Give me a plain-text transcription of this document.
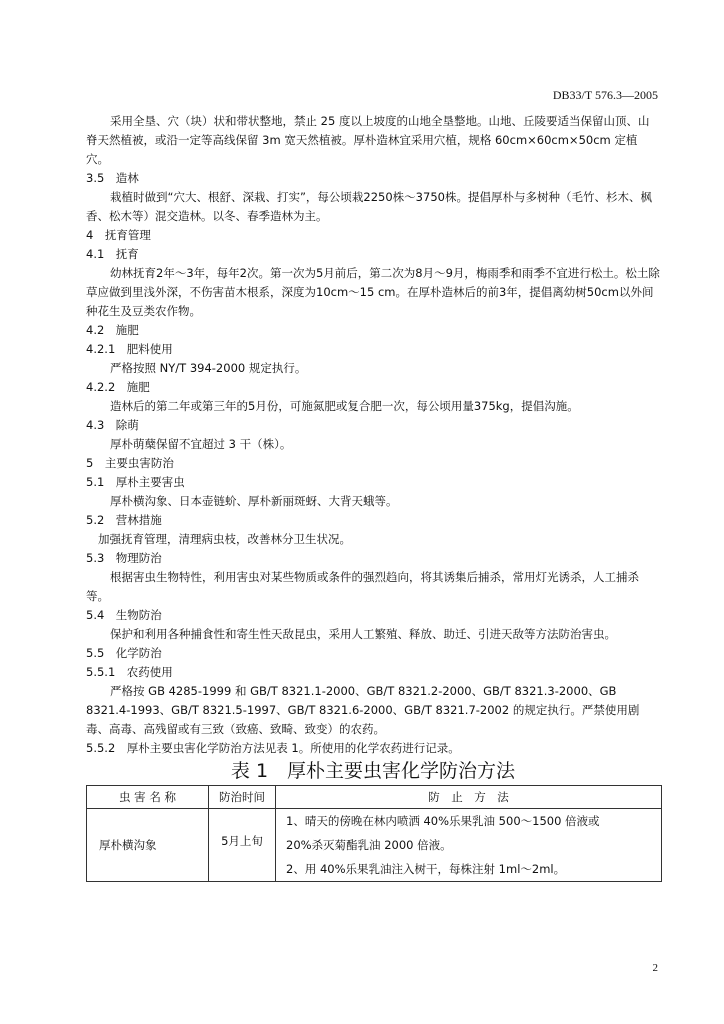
DB33/T 576.3—2005

采用全垦、穴（块）状和带状整地，禁止 25 度以上坡度的山地全垦整地。山地、丘陵要适当保留山顶、山脊天然植被，或沿一定等高线保留 3m 宽天然植被。厚朴造林宜采用穴植，规格 60cm×60cm×50cm 定植穴。

3.5　造林

栽植时做到“穴大、根舒、深栽、打实”，每公顷栽2250株～3750株。提倡厚朴与多树种（毛竹、杉木、枫香、松木等）混交造林。以冬、春季造林为主。

4　抚育管理

4.1　抚育

幼林抚育2年～3年，每年2次。第一次为5月前后，第二次为8月～9月，梅雨季和雨季不宜进行松土。松土除草应做到里浅外深，不伤害苗木根系，深度为10cm～15 cm。在厚朴造林后的前3年，提倡离幼树50cm以外间种花生及豆类农作物。

4.2　施肥

4.2.1　肥料使用

严格按照 NY/T 394-2000 规定执行。

4.2.2　施肥

造林后的第二年或第三年的5月份，可施氮肥或复合肥一次，每公顷用量375kg，提倡沟施。

4.3　除萌

厚朴萌蘖保留不宜超过 3 干（株）。

5　主要虫害防治

5.1　厚朴主要害虫

厚朴横沟象、日本壶链蚧、厚朴新丽斑蚜、大背天蛾等。

5.2　营林措施

加强抚育管理，清理病虫枝，改善林分卫生状况。

5.3　物理防治

根据害虫生物特性，利用害虫对某些物质或条件的强烈趋向，将其诱集后捕杀，常用灯光诱杀，人工捕杀等。

5.4　生物防治

保护和利用各种捕食性和寄生性天敌昆虫，采用人工繁殖、释放、助迁、引进天敌等方法防治害虫。

5.5　化学防治

5.5.1　农药使用

严格按 GB 4285-1999 和 GB/T 8321.1-2000、GB/T 8321.2-2000、GB/T 8321.3-2000、GB 8321.4-1993、GB/T 8321.5-1997、GB/T 8321.6-2000、GB/T 8321.7-2002 的规定执行。严禁使用剧毒、高毒、高残留或有三致（致癌、致畸、致变）的农药。

5.5.2　厚朴主要虫害化学防治方法见表 1。所使用的化学农药进行记录。

表 1　厚朴主要虫害化学防治方法
虫 害 名 称	防治时间	防　止　方　法
厚朴横沟象	5月上旬	1、晴天的傍晚在林内喷洒 40%乐果乳油 500～1500 倍液或
20%杀灭菊酯乳油 2000 倍液。
2、用 40%乐果乳油注入树干，每株注射 1ml～2ml。
2
